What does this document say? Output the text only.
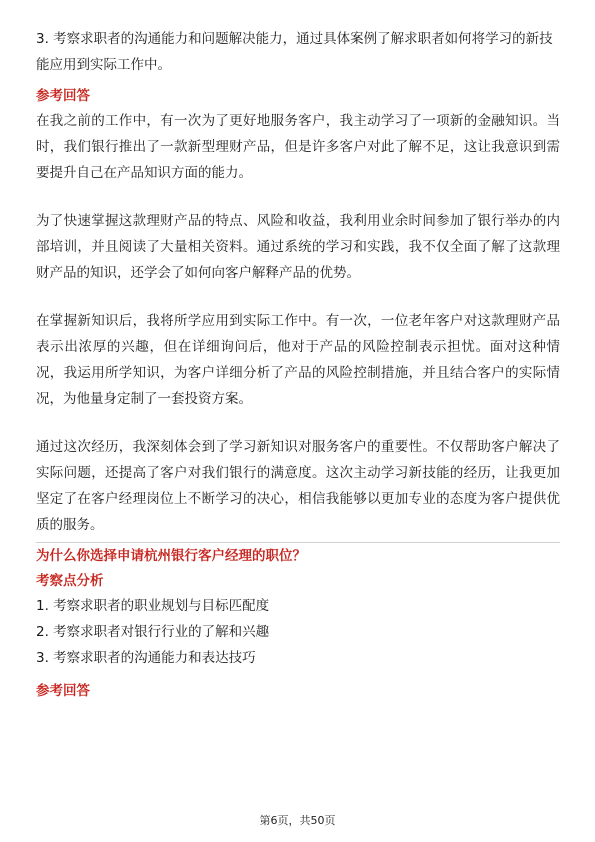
3. 考察求职者的沟通能力和问题解决能力，通过具体案例了解求职者如何将学习的新技能应用到实际工作中。

参考回答

在我之前的工作中，有一次为了更好地服务客户，我主动学习了一项新的金融知识。当时，我们银行推出了一款新型理财产品，但是许多客户对此了解不足，这让我意识到需要提升自己在产品知识方面的能力。

为了快速掌握这款理财产品的特点、风险和收益，我利用业余时间参加了银行举办的内部培训，并且阅读了大量相关资料。通过系统的学习和实践，我不仅全面了解了这款理财产品的知识，还学会了如何向客户解释产品的优势。

在掌握新知识后，我将所学应用到实际工作中。有一次，一位老年客户对这款理财产品表示出浓厚的兴趣，但在详细询问后，他对于产品的风险控制表示担忧。面对这种情况，我运用所学知识，为客户详细分析了产品的风险控制措施，并且结合客户的实际情况，为他量身定制了一套投资方案。

通过这次经历，我深刻体会到了学习新知识对服务客户的重要性。不仅帮助客户解决了实际问题，还提高了客户对我们银行的满意度。这次主动学习新技能的经历，让我更加坚定了在客户经理岗位上不断学习的决心，相信我能够以更加专业的态度为客户提供优质的服务。

为什么你选择申请杭州银行客户经理的职位？

考察点分析

1. 考察求职者的职业规划与目标匹配度

2. 考察求职者对银行行业的了解和兴趣

3. 考察求职者的沟通能力和表达技巧

参考回答

第6页，共50页
